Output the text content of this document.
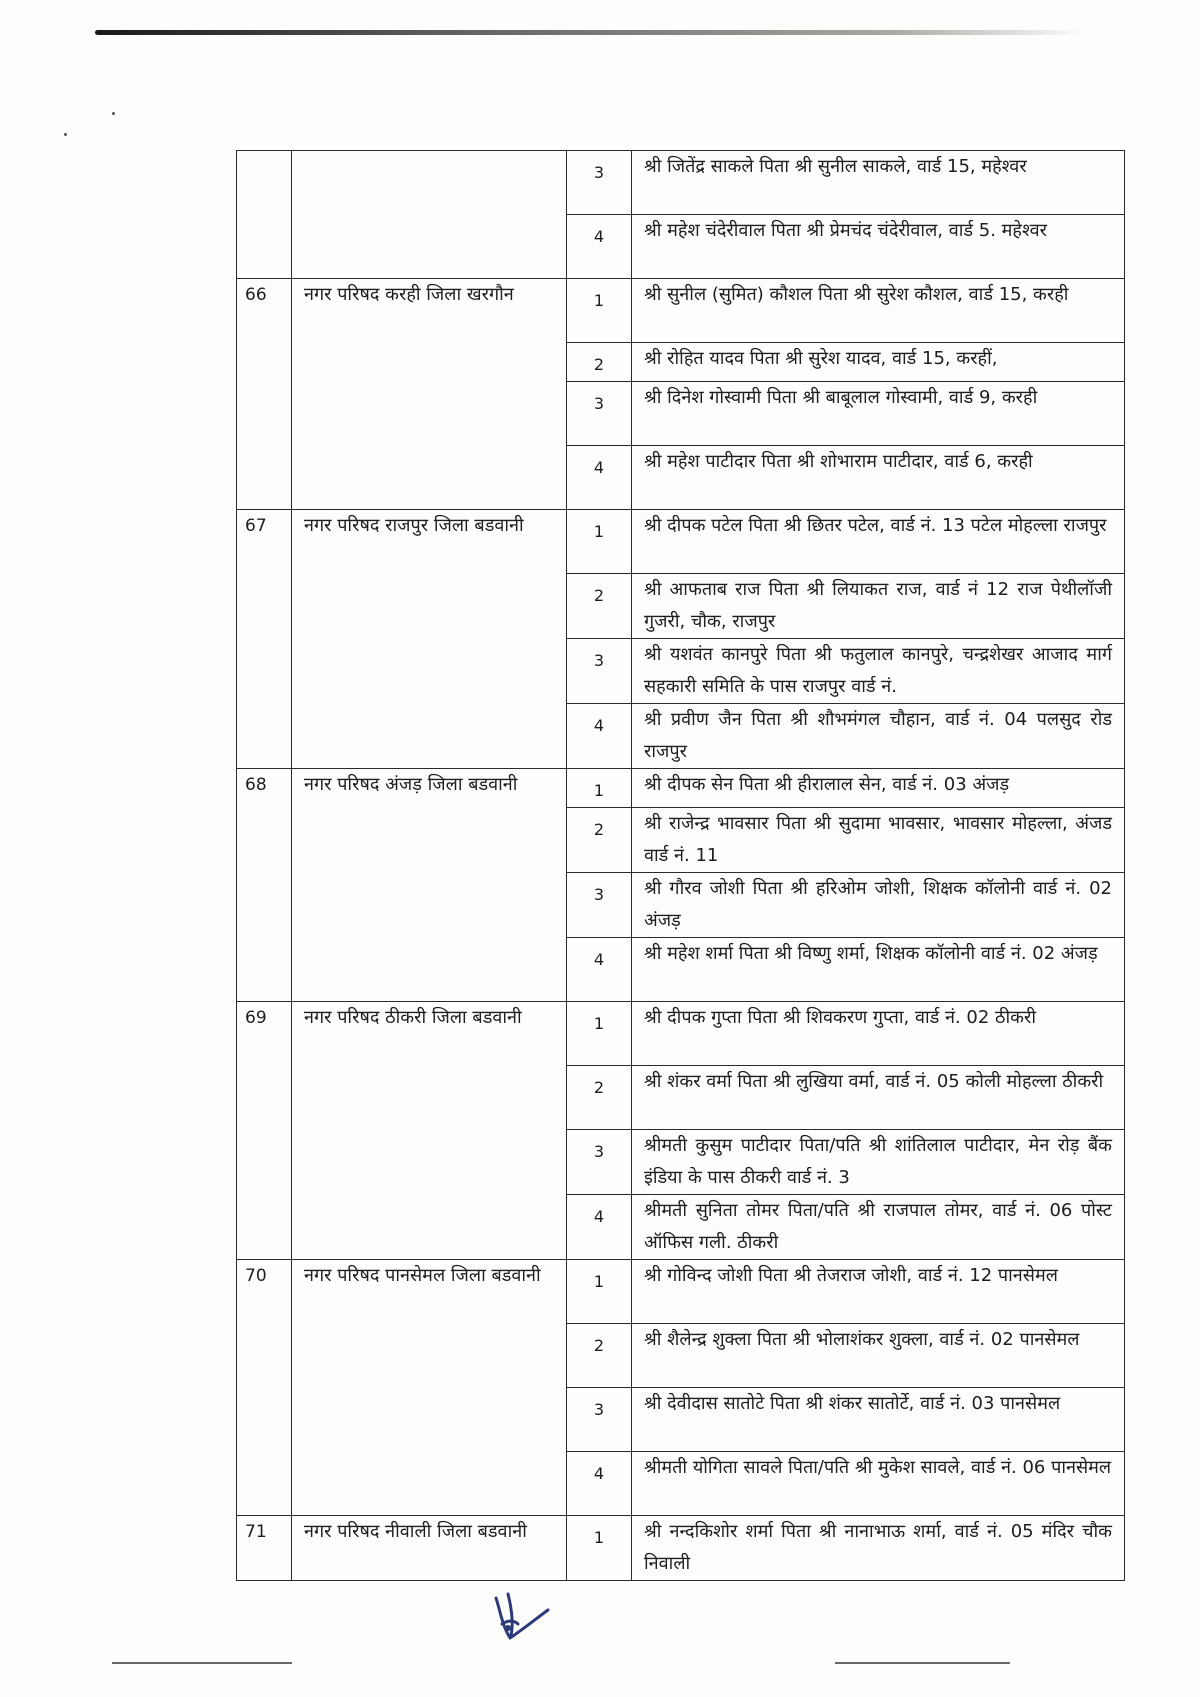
		3	श्री जितेंद्र साकले पिता श्री सुनील साकले, वार्ड 15, महेश्वर
		4	श्री महेश चंदेरीवाल पिता श्री प्रेमचंद चंदेरीवाल, वार्ड 5. महेश्वर
66	नगर परिषद करही जिला खरगौन	1	श्री सुनील (सुमित) कौशल पिता श्री सुरेश कौशल, वार्ड 15, करही
		2	श्री रोहित यादव पिता श्री सुरेश यादव, वार्ड 15, करहीं,
		3	श्री दिनेश गोस्वामी पिता श्री बाबूलाल गोस्वामी, वार्ड 9, करही
		4	श्री महेश पाटीदार पिता श्री शोभाराम पाटीदार, वार्ड 6, करही
67	नगर परिषद राजपुर जिला बडवानी	1	श्री दीपक पटेल पिता श्री छितर पटेल, वार्ड नं. 13 पटेल मोहल्ला राजपुर
		2	श्री आफताब राज पिता श्री लियाकत राज, वार्ड नं 12 राज पेथीलॉजी गुजरी, चौक, राजपुर
		3	श्री यशवंत कानपुरे पिता श्री फतुलाल कानपुरे, चन्द्रशेखर आजाद मार्ग सहकारी समिति के पास राजपुर वार्ड नं.
		4	श्री प्रवीण जैन पिता श्री शौभमंगल चौहान, वार्ड नं. 04 पलसुद रोड राजपुर
68	नगर परिषद अंजड़ जिला बडवानी	1	श्री दीपक सेन पिता श्री हीरालाल सेन, वार्ड नं. 03 अंजड़
		2	श्री राजेन्द्र भावसार पिता श्री सुदामा भावसार, भावसार मोहल्ला, अंजड वार्ड नं. 11
		3	श्री गौरव जोशी पिता श्री हरिओम जोशी, शिक्षक कॉलोनी वार्ड नं. 02 अंजड़
		4	श्री महेश शर्मा पिता श्री विष्णु शर्मा, शिक्षक कॉलोनी वार्ड नं. 02 अंजड़
69	नगर परिषद ठीकरी जिला बडवानी	1	श्री दीपक गुप्ता पिता श्री शिवकरण गुप्ता, वार्ड नं. 02 ठीकरी
		2	श्री शंकर वर्मा पिता श्री लुखिया वर्मा, वार्ड नं. 05 कोली मोहल्ला ठीकरी
		3	श्रीमती कुसुम पाटीदार पिता/पति श्री शांतिलाल पाटीदार, मेन रोड़ बैंक इंडिया के पास ठीकरी वार्ड नं. 3
		4	श्रीमती सुनिता तोमर पिता/पति श्री राजपाल तोमर, वार्ड नं. 06 पोस्ट ऑफिस गली. ठीकरी
70	नगर परिषद पानसेमल जिला बडवानी	1	श्री गोविन्द जोशी पिता श्री तेजराज जोशी, वार्ड नं. 12 पानसेमल
		2	श्री शैलेन्द्र शुक्ला पिता श्री भोलाशंकर शुक्ला, वार्ड नं. 02 पानसेमल
		3	श्री देवीदास सातोटे पिता श्री शंकर सातोर्टे, वार्ड नं. 03 पानसेमल
		4	श्रीमती योगिता सावले पिता/पति श्री मुकेश सावले, वार्ड नं. 06 पानसेमल
71	नगर परिषद नीवाली जिला बडवानी	1	श्री नन्दकिशोर शर्मा पिता श्री नानाभाऊ शर्मा, वार्ड नं. 05 मंदिर चौक निवाली
